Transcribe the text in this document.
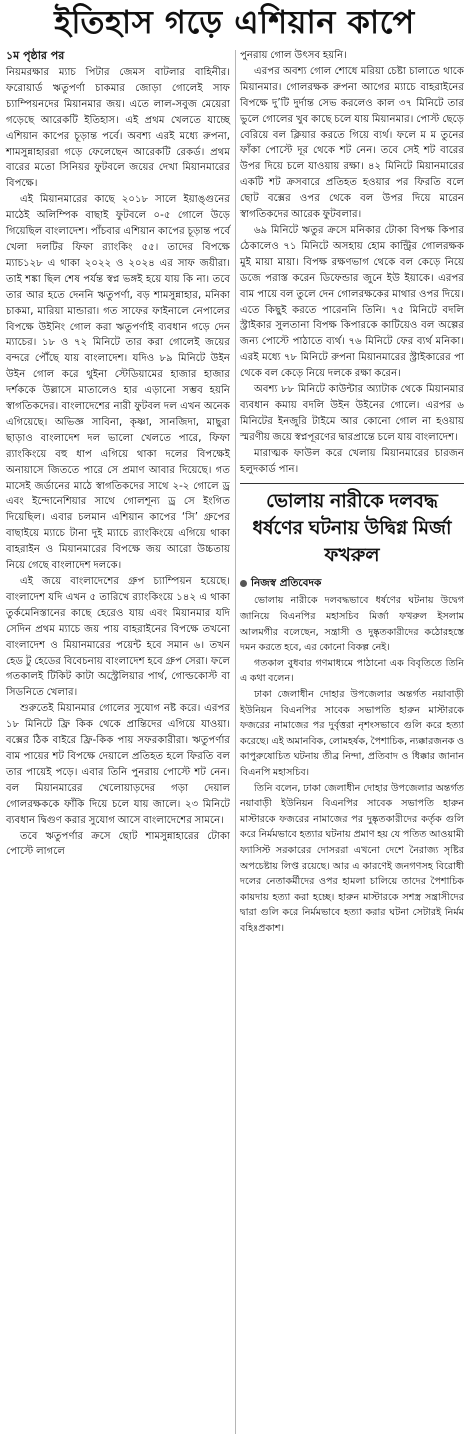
ইতিহাস গড়ে এশিয়ান কাপে
১ম পৃষ্ঠার পর

নিয়মরক্ষার ম্যাচ পিটার জেমস বাটলার বাহিনীর। ফরোয়ার্ড ঋতুপর্ণা চাকমার জোড়া গোলেই সাফ চ্যাম্পিয়নদের মিয়ানমার জয়। এতে লাল-সবুজ মেয়েরা গড়েছে আরেকটি ইতিহাস। এই প্রথম খেলতে যাচ্ছে এশিয়ান কাপের চূড়ান্ত পর্বে। অবশ্য এরই মধ্যে রুপনা, শামসুন্নাহাররা গড়ে ফেলেছেন আরেকটি রেকর্ড। প্রথম বারের মতো সিনিয়র ফুটবলে জয়ের দেখা মিয়ানমারের বিপক্ষে।

এই মিয়ানমারের কাছে ২০১৮ সালে ইয়াঙ্গুনের মাঠেই অলিম্পিক বাছাই ফুটবলে ০-৫ গোলে উড়ে গিয়েছিল বাংলাদেশ। পাঁচবার এশিয়ান কাপের চূড়ান্ত পর্বে খেলা দলটির ফিফা র‍্যাংকিং ৫৫। তাদের বিপক্ষে ম্যাচ১২৮ এ থাকা ২০২২ ও ২০২৪ এর সাফ জয়ীরা। তাই শঙ্কা ছিল শেষ পর্যন্ত স্বপ্ন ভঙ্গই হয়ে যায় কি না। তবে তার আর হতে দেননি ঋতুপর্ণা, বড় শামসুন্নাহার, মনিকা চাকমা, মারিয়া মান্ডারা। গত সাফের ফাইনালে নেপালের বিপক্ষে উইনিং গোল করা ঋতুপর্ণাই ব্যবধান গড়ে দেন ম্যাচের। ১৮ ও ৭২ মিনিটে তার করা গোলেই জয়ের বন্দরে পৌঁছে যায় বাংলাদেশ। যদিও ৮৯ মিনিটে উইন উইন গোল করে থুইনা স্টেডিয়ামের হাজার হাজার দর্শককে উল্লাসে মাতালেও হার এড়ানো সম্ভব হয়নি স্বাগতিকদের। বাংলাদেশের নারী ফুটবল দল এখন অনেক এগিয়েছে। অভিজ্ঞ সাবিনা, কৃষ্ণা, সানজিদা, মাছুরা ছাড়াও বাংলাদেশ দল ভালো খেলতে পারে, ফিফা র‍্যাংকিংয়ে বহু ধাপ এগিয়ে থাকা দলের বিপক্ষেই অনায়াসে জিততে পারে সে প্রমাণ আবার দিয়েছে। গত মাসেই জর্ডানের মাঠে স্বাগতিকদের সাথে ২-২ গোলে ড্র এবং ইন্দোনেশিয়ার সাথে গোলশূন্য ড্র সে ইংগিত দিয়েছিল। এবার চলমান এশিয়ান কাপের ‘সি’ গ্রুপের বাছাইয়ে ম্যাচে টানা দুই ম্যাচে র‍্যাংকিংয়ে এগিয়ে থাকা বাহরাইন ও মিয়ানমারের বিপক্ষে জয় আরো উচ্চতায় নিয়ে গেছে বাংলাদেশ দলকে।

এই জয়ে বাংলাদেশের গ্রুপ চ্যাম্পিয়ন হয়েছে। বাংলাদেশ যদি এখন ৫ তারিখে র‍্যাংকিংয়ে ১৪২ এ থাকা তুর্কমেনিস্তানের কাছে হেরেও যায় এবং মিয়ানমার যদি সেদিন প্রথম ম্যাচে জয় পায় বাহরাইনের বিপক্ষে তখনো বাংলাদেশ ও মিয়ানমারের পয়েন্ট হবে সমান ৬। তখন হেড টু হেডের বিবেচনায় বাংলাদেশ হবে গ্রুপ সেরা। ফলে গতকালই টিকিট কাটা অস্ট্রেলিয়ার পার্থ, গোল্ডকোস্ট বা সিডনিতে খেলার।

শুরুতেই মিয়ানমার গোলের সুযোগ নষ্ট করে। এরপর ১৮ মিনিটে ফ্রি কিক থেকে প্রান্তিদের এগিয়ে যাওয়া। বক্সের ঠিক বাইরে ফ্রি-কিক পায় সফরকারীরা। ঋতুপর্ণার বাম পায়ের শট বিপক্ষে দেয়ালে প্রতিহত হলে ফিরতি বল তার পায়েই পড়ে। এবার তিনি পুনরায় পোস্টে শট নেন। বল মিয়ানমারের খেলোয়াড়দের গড়া দেয়াল গোলরক্ষককে ফাঁকি দিয়ে চলে যায় জালে। ২৩ মিনিটে ব্যবধান দ্বিগুণ করার সুযোগ আসে বাংলাদেশের সামনে।

তবে ঋতুপর্ণার ক্রসে ছোট শামসুন্নাহারের টোকা পোস্টে লাগলে

পুনরায় গোল উৎসব হয়নি।

এরপর অবশ্য গোল শোধে মরিয়া চেষ্টা চালাতে থাকে মিয়ানমার। গোলরক্ষক রুপনা আগের ম্যাচে বাহরাইনের বিপক্ষে দু’টি দুর্দান্ত সেভ করলেও কাল ৩৭ মিনিটে তার ভুলে গোলের খুব কাছে চলে যায় মিয়ানমার। পোস্ট ছেড়ে বেরিয়ে বল ক্লিয়ার করতে গিয়ে ব্যর্থ। ফলে ম ম তুনের ফাঁকা পোস্টে দূর থেকে শট নেন। তবে সেই শট বারের উপর দিয়ে চলে যাওয়ায় রক্ষা। ৪২ মিনিটে মিয়ানমারের একটি শট ক্রসবারে প্রতিহত হওয়ার পর ফিরতি বলে ছোট বক্সের ওপর থেকে বল উপর দিয়ে মারেন স্বাগতিকদের আরেক ফুটবলার।

৬৯ মিনিটে ঋতুর ক্রসে মনিকার টোকা বিপক্ষ কিপার ঠেকালেও ৭১ মিনিটে অসহায় হোম কান্ট্রির গোলরক্ষক মুই মায়া মায়া। বিপক্ষ রক্ষণভাগ থেকে বল কেড়ে নিয়ে ডজে পরাস্ত করেন ডিফেন্ডার জুনে ইউ ইয়াকে। এরপর বাম পায়ে বল তুলে দেন গোলরক্ষকের মাথার ওপর দিয়ে। এতে কিছুই করতে পারেননি তিনি। ৭৫ মিনিটে বদলি স্ট্রাইকার সুলতানা বিপক্ষ কিপারকে কাটিয়েও বল অল্পের জন্য পোস্টে পাঠাতে ব্যর্থ। ৭৬ মিনিটে ফের ব্যর্থ মনিকা। এরই মধ্যে ৭৮ মিনিটে রুপনা মিয়ানমারের স্ট্রাইকারের পা থেকে বল কেড়ে নিয়ে দলকে রক্ষা করেন।

অবশ্য ৮৮ মিনিটে কাউন্টার অ্যাটাক থেকে মিয়ানমার ব্যবধান কমায় বদলি উইন উইনের গোলে। এরপর ৬ মিনিটের ইনজুরি টাইমে আর কোনো গোল না হওয়ায় স্মরণীয় জয়ে স্বপ্নপূরণের দ্বারপ্রান্তে চলে যায় বাংলাদেশ।

মারাত্মক ফাউল করে খেলায় মিয়ানমারের চারজন হলুদকার্ড পান।

ভোলায় নারীকে দলবদ্ধ ধর্ষণের ঘটনায় উদ্বিগ্ন মির্জা ফখরুল
নিজস্ব প্রতিবেদক

ভোলায় নারীকে দলবদ্ধভাবে ধর্ষণের ঘটনায় উদ্বেগ জানিয়ে বিএনপির মহাসচিব মির্জা ফখরুল ইসলাম আলমগীর বলেছেন, সন্ত্রাসী ও দুষ্কৃতকারীদের কঠোরহস্তে দমন করতে হবে, এর কোনো বিকল্প নেই।

গতকাল বুধবার গণমাধ্যমে পাঠানো এক বিবৃতিতে তিনি এ কথা বলেন।

ঢাকা জেলাধীন দোহার উপজেলার অন্তর্গত নয়াবাড়ী ইউনিয়ন বিএনপির সাবেক সভাপতি হারুন মাস্টারকে ফজরের নামাজের পর দুর্বৃত্তরা নৃশংসভাবে গুলি করে হত্যা করেছে। এই অমানবিক, লোমহর্ষক, পৈশাচিক, ন্যক্কারজনক ও কাপুরুষোচিত ঘটনায় তীব্র নিন্দা, প্রতিবাদ ও ধিক্কার জানান বিএনপি মহাসচিব।

তিনি বলেন, ঢাকা জেলাধীন দোহার উপজেলার অন্তর্গত নয়াবাড়ী ইউনিয়ন বিএনপির সাবেক সভাপতি হারুন মাস্টারকে ফজরের নামাজের পর দুষ্কৃতকারীদের কর্তৃক গুলি করে নির্মমভাবে হত্যার ঘটনায় প্রমাণ হয় যে পতিত আওয়ামী ফ্যাসিস্ট সরকারের দোসররা এখনো দেশে নৈরাজ্য সৃষ্টির অপচেষ্টায় লিপ্ত রয়েছে। আর এ কারণেই জনগণসহ বিরোধী দলের নেতাকর্মীদের ওপর হামলা চালিয়ে তাদের পৈশাচিক কায়দায় হত্যা করা হচ্ছে। হারুন মাস্টারকে সশস্ত্র সন্ত্রাসীদের দ্বারা গুলি করে নির্মমভাবে হত্যা করার ঘটনা সেটারই নির্মম বহিঃপ্রকাশ।
